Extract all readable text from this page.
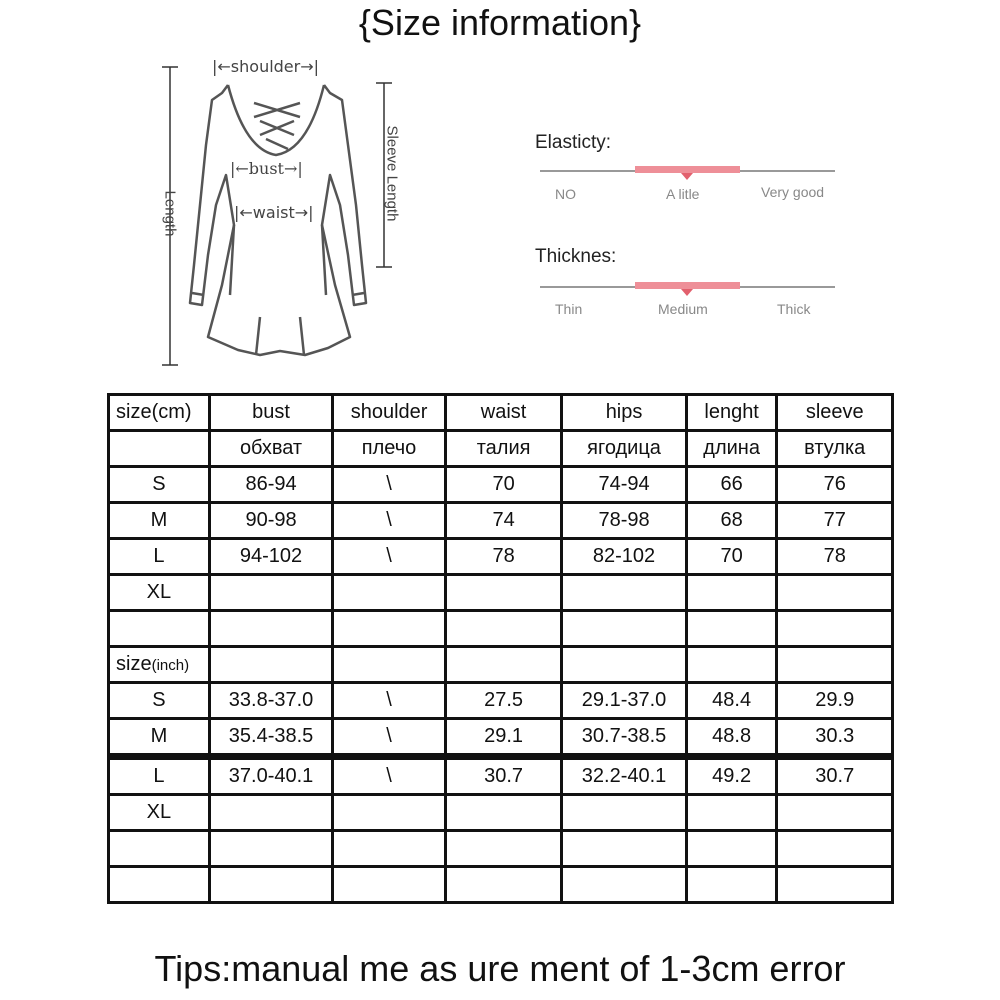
{Size information}
|←shoulder→|
|←bust→|
|←waist→|
Length	Sleeve Length	Elasticty:
NO	A litle	Very good
Thicknes:
Thin	Medium	Thick
size(cm)	bust	shoulder	waist	hips	lenght	sleeve
	обхват	плечо	талия	ягодица	длина	втулка
S	86-94	\	70	74-94	66	76
M	90-98	\	74	78-98	68	77
L	94-102	\	78	82-102	70	78
XL						

size(inch)						
S	33.8-37.0	\	27.5	29.1-37.0	48.4	29.9
M	35.4-38.5	\	29.1	30.7-38.5	48.8	30.3
L	37.0-40.1	\	30.7	32.2-40.1	49.2	30.7
XL						

Tips:manual me as ure ment of 1-3cm error
